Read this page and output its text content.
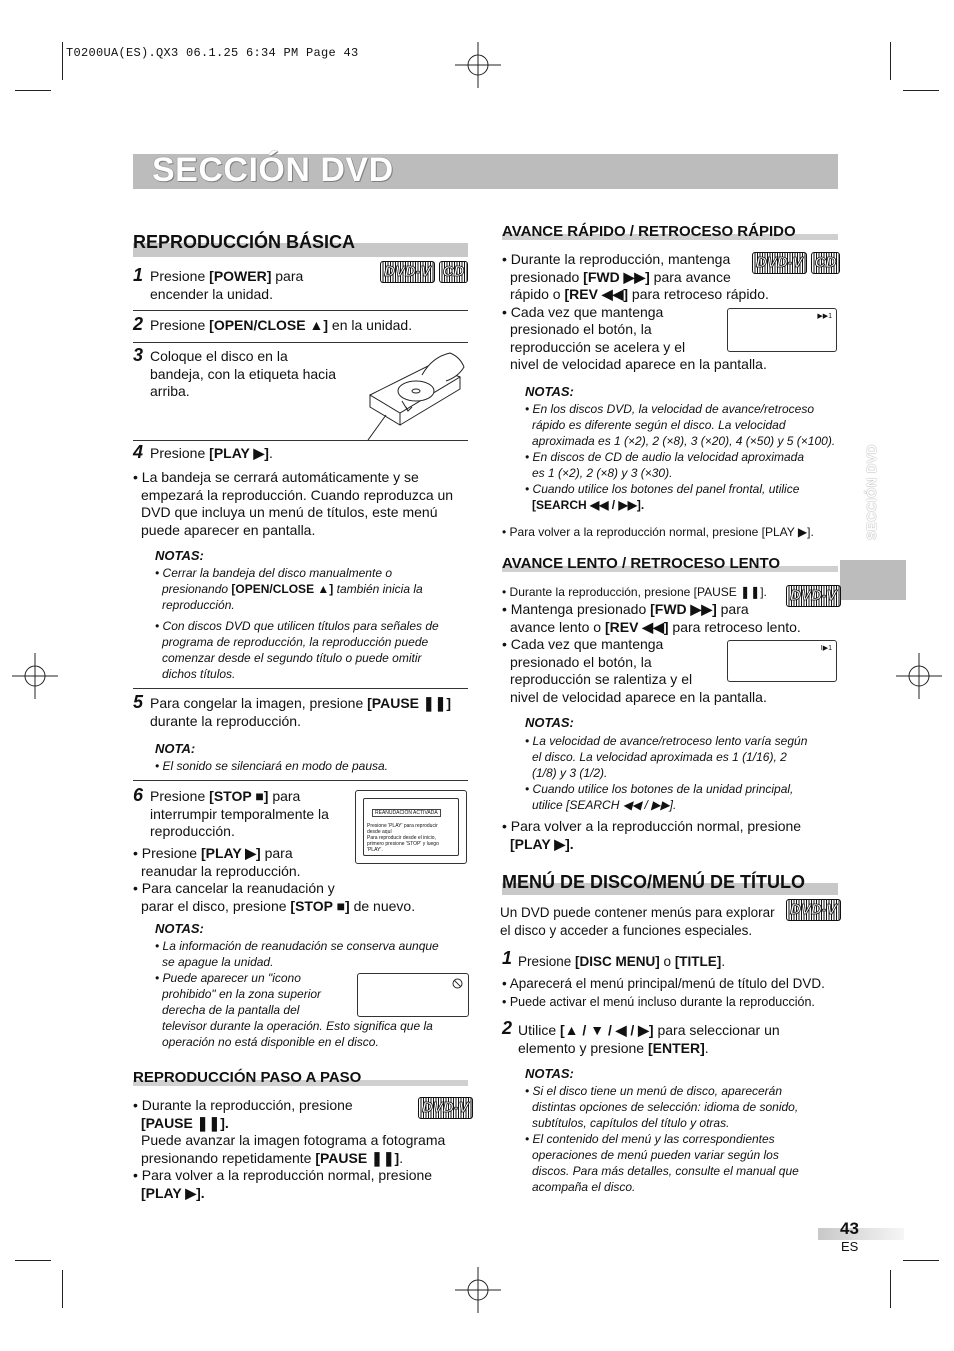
T0200UA(ES).QX3 06.1.25 6:34 PM Page 43
SECCIÓN DVD
SECCIÓN DVD
REPRODUCCIÓN BÁSICA
DVD-V CD
1 Presione [POWER] para
encender la unidad.
2 Presione [OPEN/CLOSE ▲] en la unidad.
3 Coloque el disco en la
bandeja, con la etiqueta hacia
arriba.
4 Presione [PLAY ▶].
• La bandeja se cerrará automáticamente y se
empezará la reproducción. Cuando reproduzca un
DVD que incluya un menú de títulos, este menú
puede aparecer en pantalla.
NOTAS:
• Cerrar la bandeja del disco manualmente o
presionando [OPEN/CLOSE ▲] también inicia la
reproducción.

• Con discos DVD que utilicen títulos para señales de
programa de reproducción, la reproducción puede
comenzar desde el segundo título o puede omitir
dichos títulos.
5 Para congelar la imagen, presione [PAUSE ❚❚]
durante la reproducción.
NOTA:
• El sonido se silenciará en modo de pausa.
6 Presione [STOP ■] para
interrumpir temporalmente la
reproducción.
REANUDACIÓN ACTIVADA
Presione 'PLAY' para reproducir
desde aquí
Para reproducir desde el inicio,
primero presione 'STOP' y luego
'PLAY'.
• Presione [PLAY ▶] para
reanudar la reproducción.
• Para cancelar la reanudación y
parar el disco, presione [STOP ■] de nuevo.
NOTAS:
• La información de reanudación se conserva aunque
se apague la unidad.
• Puede aparecer un "icono
prohibido" en la zona superior
derecha de la pantalla del
televisor durante la operación. Esto significa que la
operación no está disponible en el disco.
REPRODUCCIÓN PASO A PASO
DVD-V
• Durante la reproducción, presione
[PAUSE ❚❚].
Puede avanzar la imagen fotograma a fotograma
presionando repetidamente [PAUSE ❚❚].
• Para volver a la reproducción normal, presione
[PLAY ▶].
AVANCE RÁPIDO / RETROCESO RÁPIDO
DVD-V CD
• Durante la reproducción, mantenga
presionado [FWD ▶▶] para avance
rápido o [REV ◀◀] para retroceso rápido.
• Cada vez que mantenga
presionado el botón, la
reproducción se acelera y el
nivel de velocidad aparece en la pantalla.
▶▶1
NOTAS:
• En los discos DVD, la velocidad de avance/retroceso
rápido es diferente según el disco. La velocidad
aproximada es 1 (×2), 2 (×8), 3 (×20), 4 (×50) y 5 (×100).
• En discos de CD de audio la velocidad aproximada
es 1 (×2), 2 (×8) y 3 (×30).
• Cuando utilice los botones del panel frontal, utilice
[SEARCH ◀◀ / ▶▶].
• Para volver a la reproducción normal, presione [PLAY ▶].
AVANCE LENTO / RETROCESO LENTO
DVD-V
• Durante la reproducción, presione [PAUSE ❚❚].
• Mantenga presionado [FWD ▶▶] para
avance lento o [REV ◀◀] para retroceso lento.
• Cada vez que mantenga
presionado el botón, la
reproducción se ralentiza y el
nivel de velocidad aparece en la pantalla.
I▶1
NOTAS:
• La velocidad de avance/retroceso lento varía según
el disco. La velocidad aproximada es 1 (1/16), 2
(1/8) y 3 (1/2).
• Cuando utilice los botones de la unidad principal,
utilice [SEARCH ◀◀ / ▶▶].
• Para volver a la reproducción normal, presione
[PLAY ▶].
MENÚ DE DISCO/MENÚ DE TÍTULO
DVD-V
Un DVD puede contener menús para explorar
el disco y acceder a funciones especiales.
1 Presione [DISC MENU] o [TITLE].
• Aparecerá el menú principal/menú de título del DVD.
• Puede activar el menú incluso durante la reproducción.
2 Utilice [▲ / ▼ / ◀ / ▶] para seleccionar un
elemento y presione [ENTER].
NOTAS:
• Si el disco tiene un menú de disco, aparecerán
distintas opciones de selección: idioma de sonido,
subtítulos, capítulos del título y otras.
• El contenido del menú y las correspondientes
operaciones de menú pueden variar según los
discos. Para más detalles, consulte el manual que
acompaña el disco.
43
ES
